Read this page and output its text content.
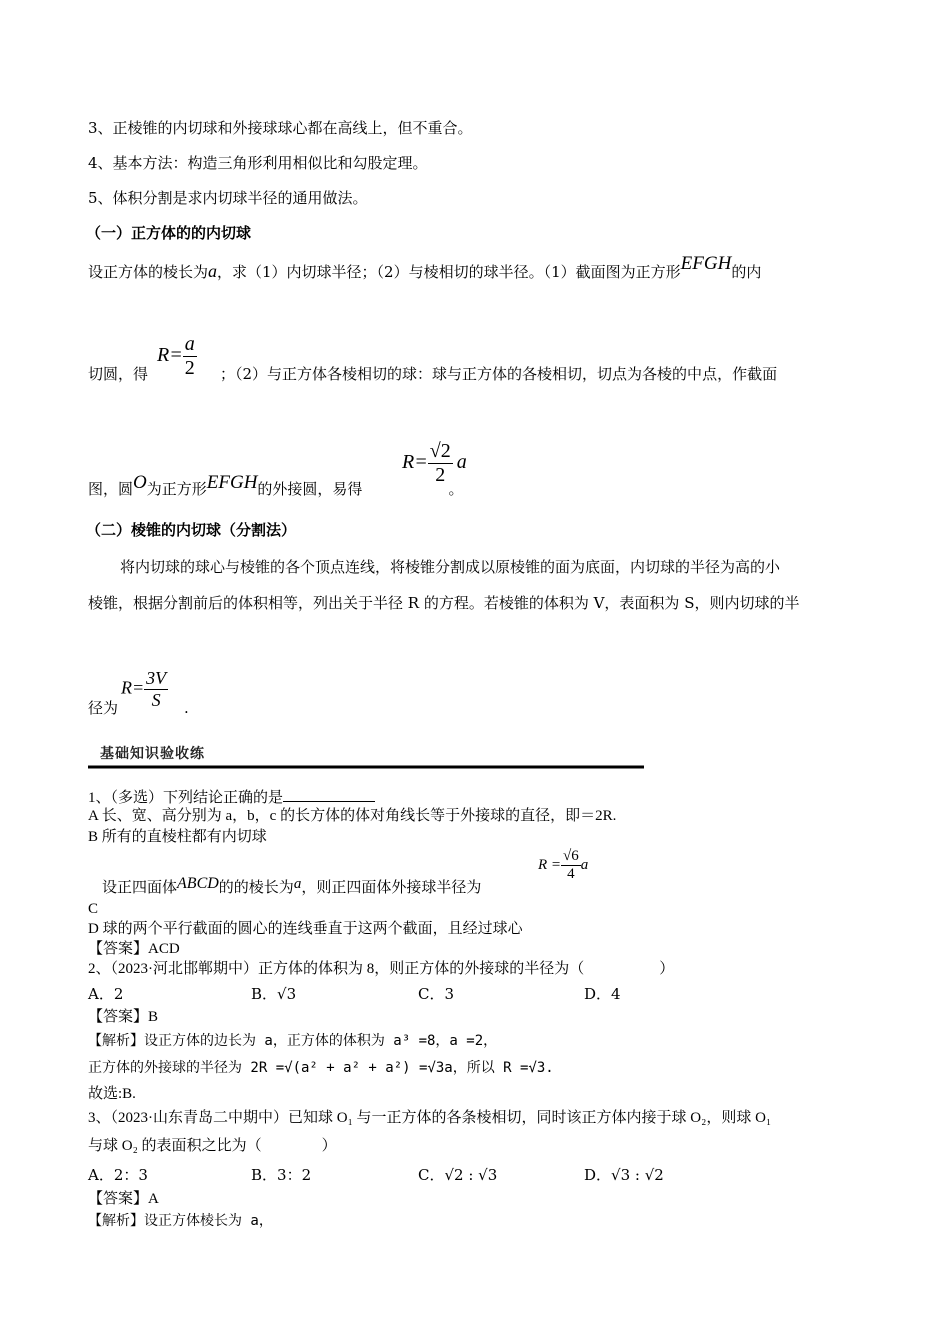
3、正棱锥的内切球和外接球球心都在高线上，但不重合。
4、基本方法：构造三角形利用相似比和勾股定理。
5、体积分割是求内切球半径的通用做法。
（一）正方体的的内切球
设正方体的棱长为a，求（1）内切球半径；（2）与棱相切的球半径。（1）截面图为正方形EFGH的内
切圆，得	；（2）与正方体各棱相切的球：球与正方体的各棱相切，切点为各棱的中点，作截面
$R= \frac{a}{2}$
图，圆O为正方形EFGH的外接圆，易得	。
$R= \frac{√2}{2}$ a
（二）棱锥的内切球（分割法）
将内切球的球心与棱锥的各个顶点连线，将棱锥分割成以原棱锥的面为底面，内切球的半径为高的小
棱锥，根据分割前后的体积相等，列出关于半径 R 的方程。若棱锥的体积为 V，表面积为 S，则内切球的半
径为	.
$R= \frac{3V}{S}$
基础知识验收练
1、（多选）下列结论正确的是
A 长、宽、高分别为 a，b，c 的长方体的体对角线长等于外接球的直径，即＝2R.
B 所有的直棱柱都有内切球
设正四面体ABCD的的棱长为a，则正四面体外接球半径为
$R = \frac{√6}{4}$ a
C
D 球的两个平行截面的圆心的连线垂直于这两个截面，且经过球心
【答案】ACD
2、（2023·河北邯郸期中）正方体的体积为 8，则正方体的外接球的半径为（　　　　　）
A．2	B．√3	C．3	D．4
【答案】B
【解析】设正方体的边长为 a，正方体的体积为 a³ =8，a =2，
正方体的外接球的半径为 2R =√(a² + a² + a²) =√3a，所以 R =√3.
故选:B.
3、（2023·山东青岛二中期中）已知球 O₁ 与一正方体的各条棱相切，同时该正方体内接于球 O₂，则球 O₁
与球 O₂ 的表面积之比为（　　　　）
A．2：3	B．3：2	C．√2 : √3	D．√3 : √2
【答案】A
【解析】设正方体棱长为 a，
